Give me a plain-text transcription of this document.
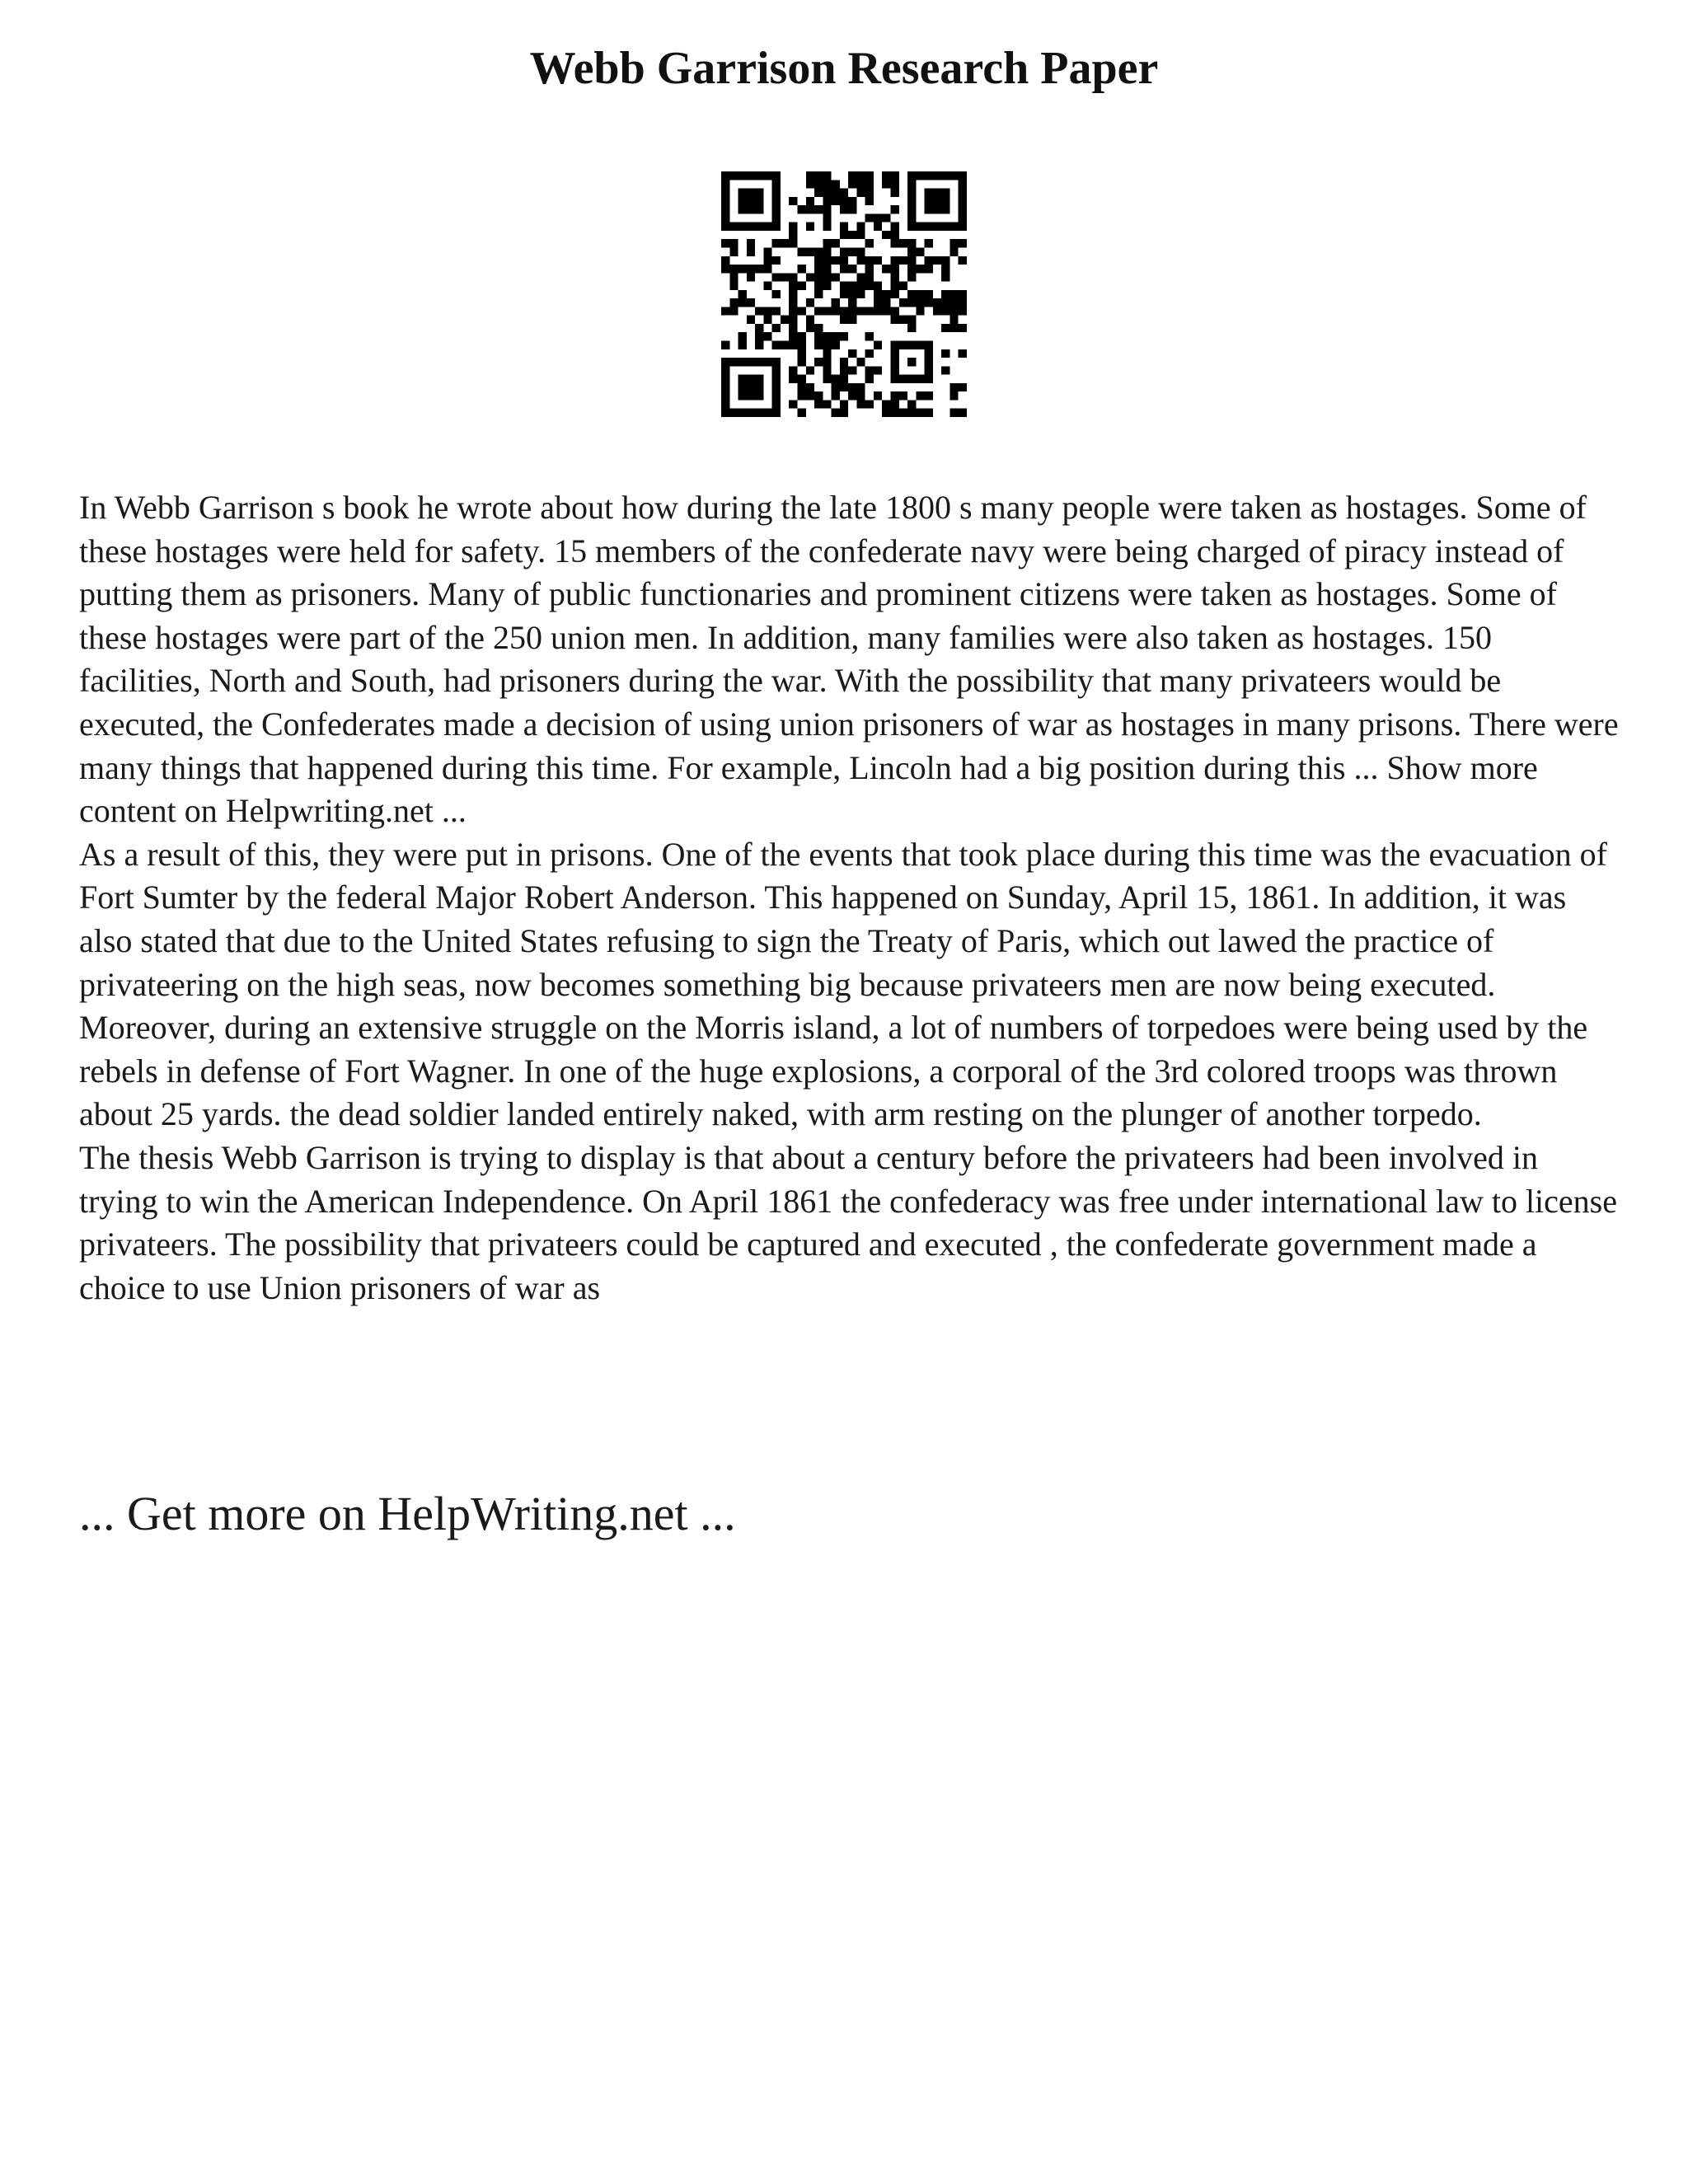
Webb Garrison Research Paper

In Webb Garrison s book he wrote about how during the late 1800 s many people were taken as hostages. Some of these hostages were held for safety. 15 members of the confederate navy were being charged of piracy instead of putting them as prisoners. Many of public functionaries and prominent citizens were taken as hostages. Some of these hostages were part of the 250 union men. In addition, many families were also taken as hostages. 150 facilities, North and South, had prisoners during the war. With the possibility that many privateers would be executed, the Confederates made a decision of using union prisoners of war as hostages in many prisons. There were many things that happened during this time. For example, Lincoln had a big position during this ... Show more content on Helpwriting.net ...

As a result of this, they were put in prisons. One of the events that took place during this time was the evacuation of Fort Sumter by the federal Major Robert Anderson. This happened on Sunday, April 15, 1861. In addition, it was also stated that due to the United States refusing to sign the Treaty of Paris, which out lawed the practice of privateering on the high seas, now becomes something big because privateers men are now being executed.

Moreover, during an extensive struggle on the Morris island, a lot of numbers of torpedoes were being used by the rebels in defense of Fort Wagner. In one of the huge explosions, a corporal of the 3rd colored troops was thrown about 25 yards. the dead soldier landed entirely naked, with arm resting on the plunger of another torpedo.

The thesis Webb Garrison is trying to display is that about a century before the privateers had been involved in trying to win the American Independence. On April 1861 the confederacy was free under international law to license privateers. The possibility that privateers could be captured and executed , the confederate government made a choice to use Union prisoners of war as

... Get more on HelpWriting.net ...
